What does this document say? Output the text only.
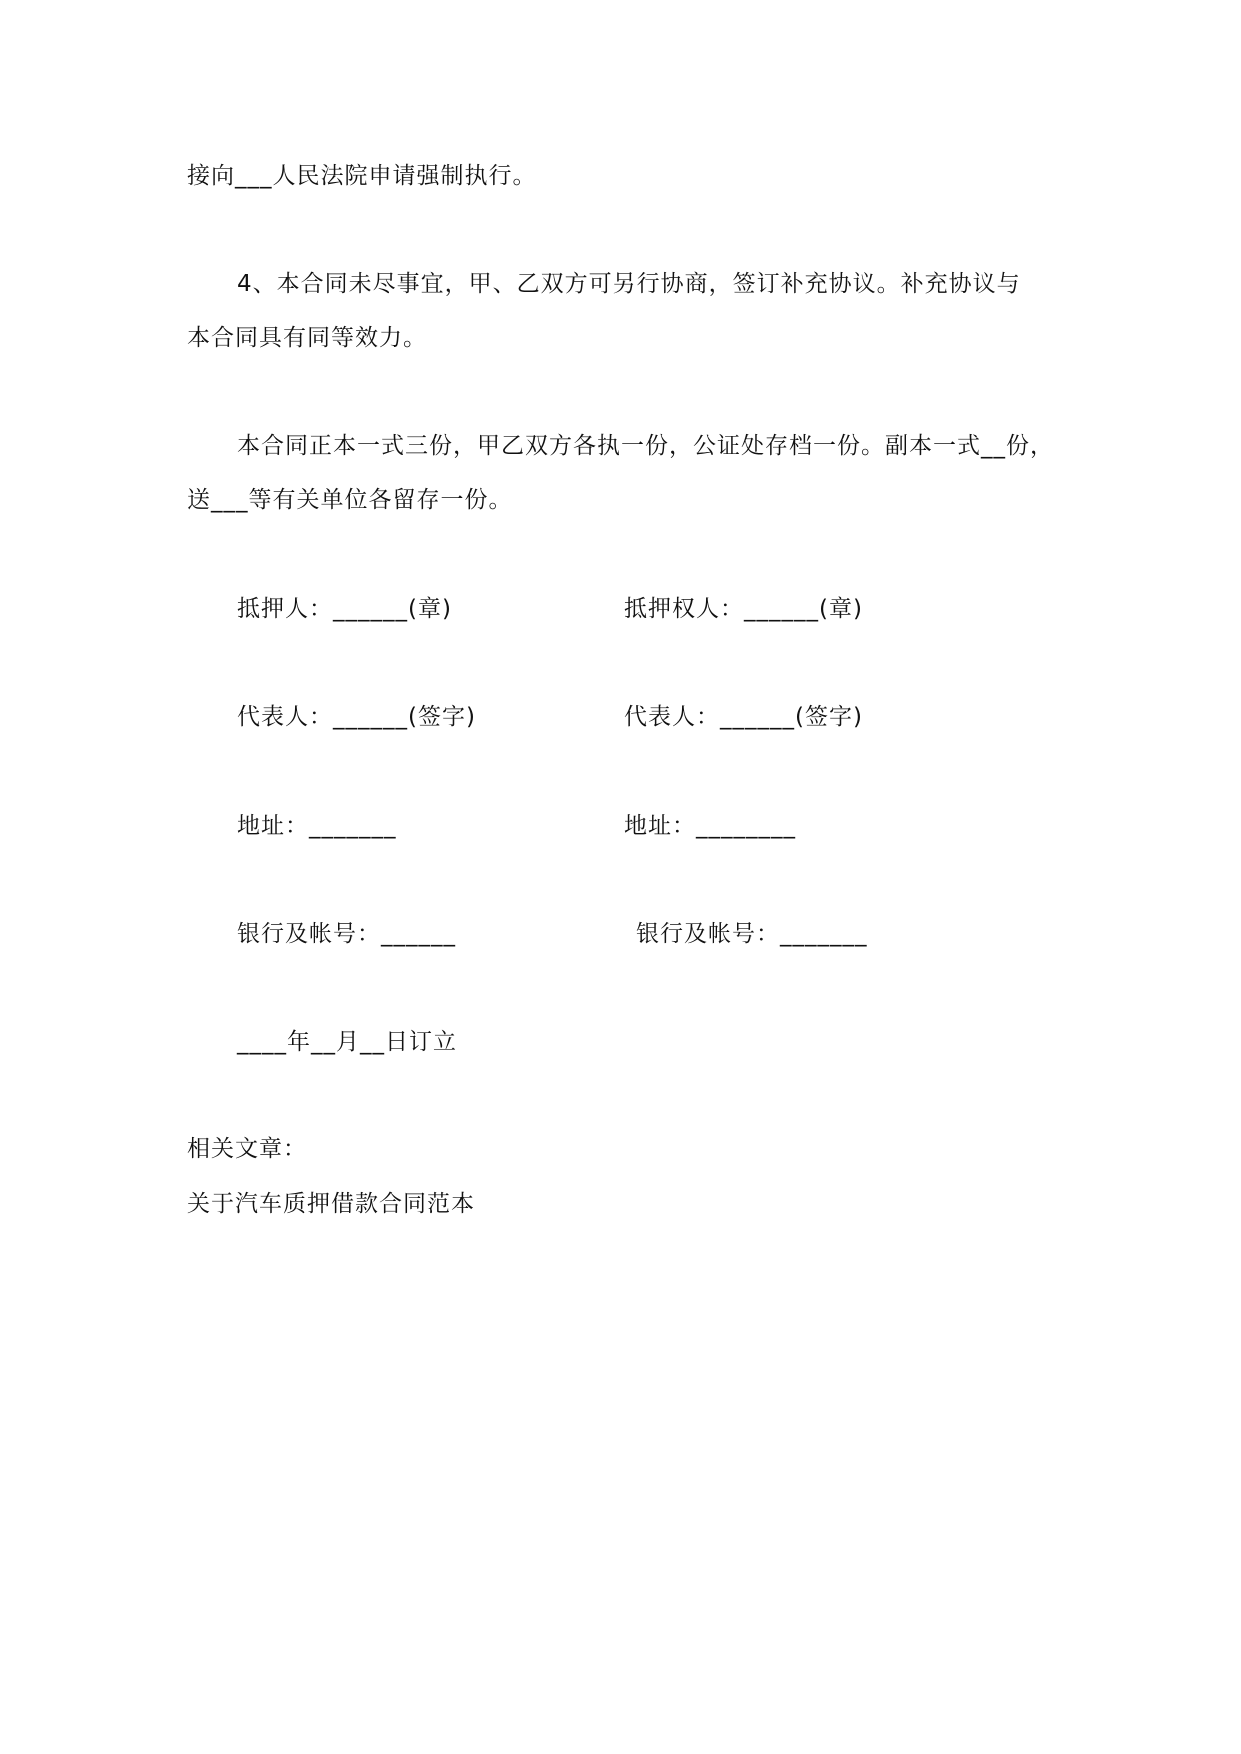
接向___人民法院申请强制执行。
4、本合同未尽事宜，甲、乙双方可另行协商，签订补充协议。补充协议与
本合同具有同等效力。
本合同正本一式三份，甲乙双方各执一份，公证处存档一份。副本一式__份，
送___等有关单位各留存一份。
抵押人：______(章)	抵押权人：______(章)
代表人：______(签字)	代表人：______(签字)
地址：_______	地址：________
银行及帐号：______	银行及帐号：_______
____年__月__日订立
相关文章：
关于汽车质押借款合同范本
